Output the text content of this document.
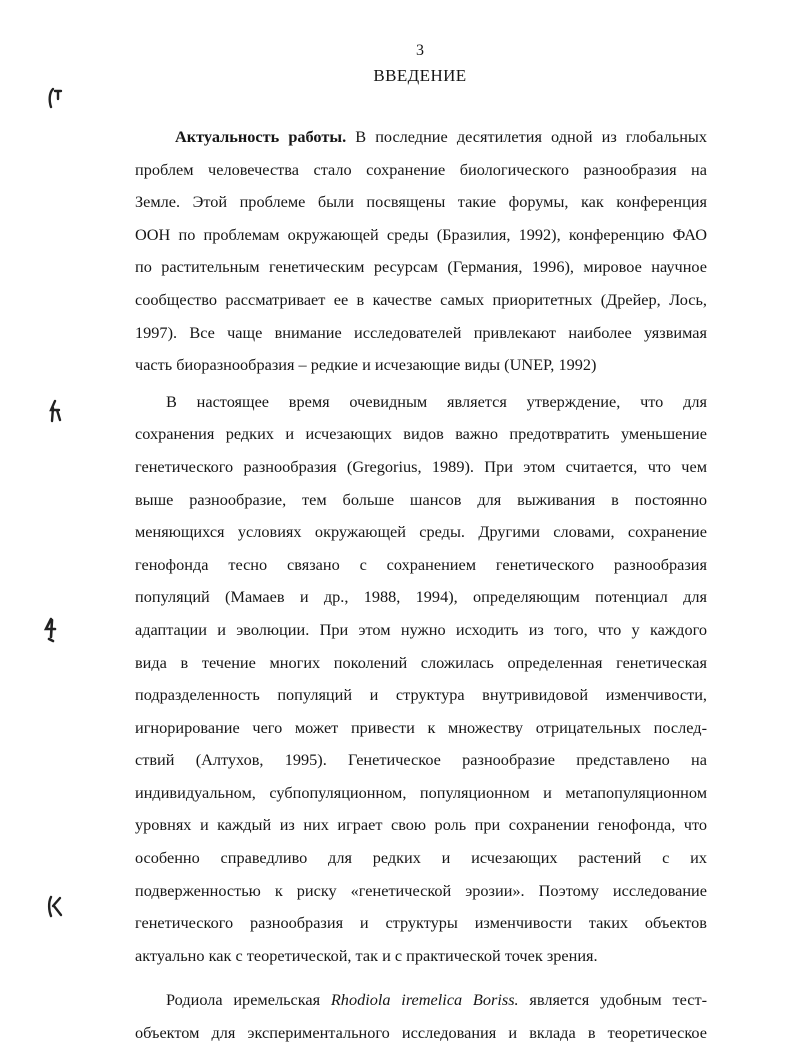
3
ВВЕДЕНИЕ
Актуальность работы. В последние десятилетия одной из глобальных
проблем человечества стало сохранение биологического разнообразия на
Земле. Этой проблеме были посвящены такие форумы, как конференция
ООН по проблемам окружающей среды (Бразилия, 1992), конференцию ФАО
по растительным генетическим ресурсам (Германия, 1996), мировое научное
сообщество рассматривает ее в качестве самых приоритетных (Дрейер, Лось,
1997). Все чаще внимание исследователей привлекают наиболее уязвимая
часть биоразнообразия – редкие и исчезающие виды (UNEP, 1992)
В настоящее время очевидным является утверждение, что для
сохранения редких и исчезающих видов важно предотвратить уменьшение
генетического разнообразия (Gregorius, 1989). При этом считается, что чем
выше разнообразие, тем больше шансов для выживания в постоянно
меняющихся условиях окружающей среды. Другими словами, сохранение
генофонда тесно связано с сохранением генетического разнообразия
популяций (Мамаев и др., 1988, 1994), определяющим потенциал для
адаптации и эволюции. При этом нужно исходить из того, что у каждого
вида в течение многих поколений сложилась определенная генетическая
подразделенность популяций и структура внутривидовой изменчивости,
игнорирование чего может привести к множеству отрицательных послед-
ствий (Алтухов, 1995). Генетическое разнообразие представлено на
индивидуальном, субпопуляционном, популяционном и метапопуляционном
уровнях и каждый из них играет свою роль при сохранении генофонда, что
особенно справедливо для редких и исчезающих растений с их
подверженностью к риску «генетической эрозии». Поэтому исследование
генетического разнообразия и структуры изменчивости таких объектов
актуально как с теоретической, так и с практической точек зрения.
Родиола иремельская Rhodiola iremelica Boriss. является удобным тест-
объектом для экспериментального исследования и вклада в теоретическое
